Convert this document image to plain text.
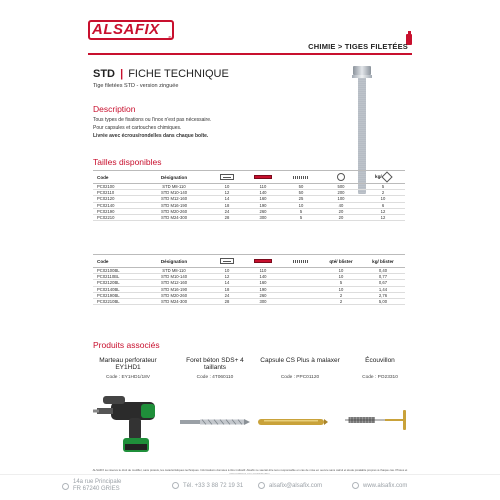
ALSAFIX
®
CHIMIE > TIGES FILETÉES
STD | FICHE TECHNIQUE
Tige filetées STD - version zinguée
Description
Tous types de fixations ou l'inox n'est pas nécessaire.
Pour capsules et cartouches chimiques.
Livrée avec écrous/rondelles dans chaque boîte.
Tailles disponibles
Code	Désignation					kg/
PC02100	STD M8-110	10	110	50	500	5
PC02110	STD M10-140	12	140	50	200	2
PC02120	STD M12-160	14	160	25	100	10
PC02140	STD M16-190	18	190	10	40	6
PC02190	STD M20-260	24	260	5	20	12
PC02210	STD M24-300	28	300	5	20	12
Code	Désignation				qté/ blister	kg/ blister
PC02100BL	STD M8-110	10	110		10	0,40
PC02110BL	STD M10-140	12	140		10	0,77
PC02120BL	STD M12-160	14	160		5	0,67
PC02140BL	STD M16-190	18	190		10	1,44
PC02190BL	STD M20-260	24	260		2	2,76
PC02210BL	STD M24-300	28	300		2	5,00
Produits associés
Marteau perforateur EY1HD1
Code : EY1HD1/18V
Foret béton SDS+ 4 taillants
Code : 4T060110
Capsule CS Plus à malaxer
Code : PPC01120
Écouvillon
Code : PO23310
ALSAFIX se réserve le droit de modifier, sans préavis, les caractéristiques techniques. Informations données à titre indicatif. Alsafix ne saurait être tenu responsable en cas de mise en oeuvre sans calcul et étude préalable propres à chaque cas. Photos et
14a rue Principale
FR 67240 GRIES
Tél. +33 3 88 72 19 31	alsafix@alsafix.com	www.alsafix.com
